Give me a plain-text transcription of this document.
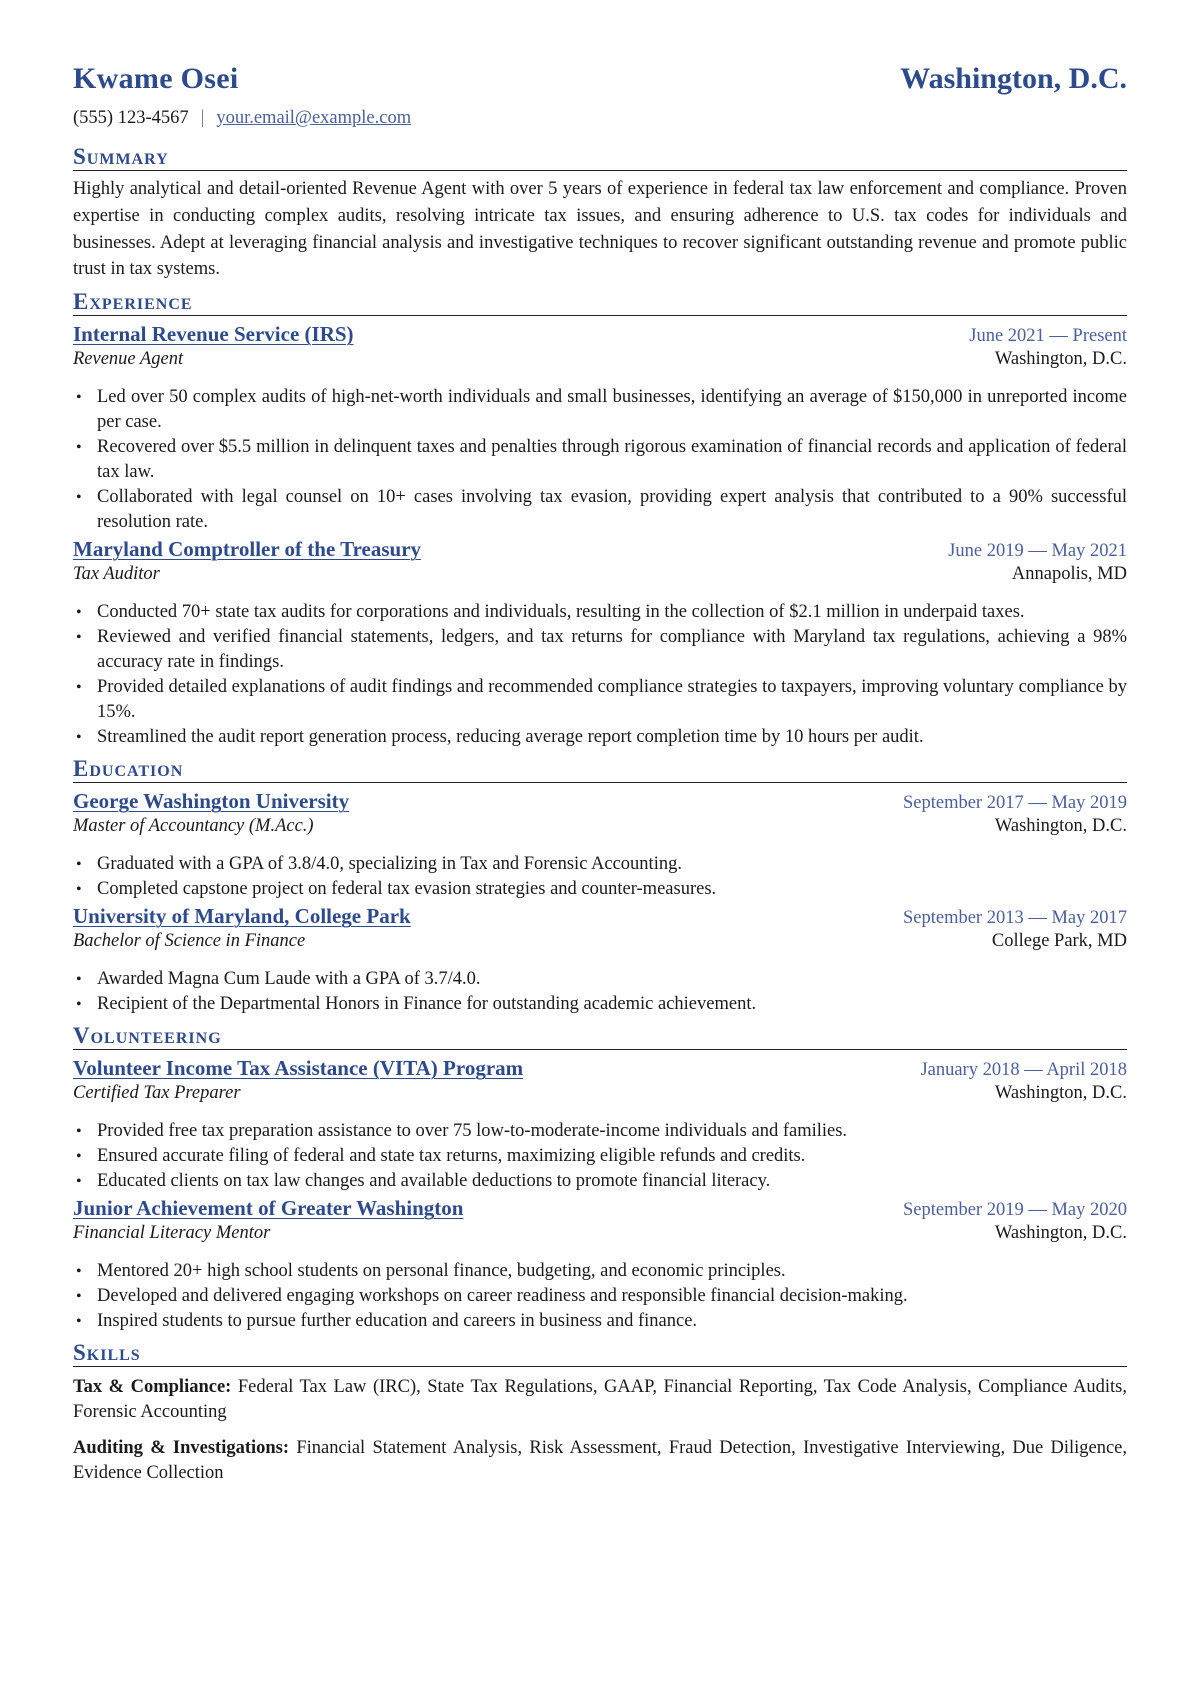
Kwame Osei	Washington, D.C.
(555) 123-4567 | your.email@example.com
Summary
Highly analytical and detail-oriented Revenue Agent with over 5 years of experience in federal tax law enforcement and compliance. Proven expertise in conducting complex audits, resolving intricate tax issues, and ensuring adherence to U.S. tax codes for individuals and businesses. Adept at leveraging financial analysis and investigative techniques to recover significant outstanding revenue and promote public trust in tax systems.
Experience
Internal Revenue Service (IRS)	June 2021 — Present
Revenue Agent	Washington, D.C.
• Led over 50 complex audits of high-net-worth individuals and small businesses, identifying an average of $150,000 in unreported income per case.
• Recovered over $5.5 million in delinquent taxes and penalties through rigorous examination of financial records and application of federal tax law.
• Collaborated with legal counsel on 10+ cases involving tax evasion, providing expert analysis that contributed to a 90% successful resolution rate.
Maryland Comptroller of the Treasury	June 2019 — May 2021
Tax Auditor	Annapolis, MD
• Conducted 70+ state tax audits for corporations and individuals, resulting in the collection of $2.1 million in underpaid taxes.
• Reviewed and verified financial statements, ledgers, and tax returns for compliance with Maryland tax regulations, achieving a 98% accuracy rate in findings.
• Provided detailed explanations of audit findings and recommended compliance strategies to taxpayers, improving voluntary compliance by 15%.
• Streamlined the audit report generation process, reducing average report completion time by 10 hours per audit.
Education
George Washington University	September 2017 — May 2019
Master of Accountancy (M.Acc.)	Washington, D.C.
• Graduated with a GPA of 3.8/4.0, specializing in Tax and Forensic Accounting.
• Completed capstone project on federal tax evasion strategies and counter-measures.
University of Maryland, College Park	September 2013 — May 2017
Bachelor of Science in Finance	College Park, MD
• Awarded Magna Cum Laude with a GPA of 3.7/4.0.
• Recipient of the Departmental Honors in Finance for outstanding academic achievement.
Volunteering
Volunteer Income Tax Assistance (VITA) Program	January 2018 — April 2018
Certified Tax Preparer	Washington, D.C.
• Provided free tax preparation assistance to over 75 low-to-moderate-income individuals and families.
• Ensured accurate filing of federal and state tax returns, maximizing eligible refunds and credits.
• Educated clients on tax law changes and available deductions to promote financial literacy.
Junior Achievement of Greater Washington	September 2019 — May 2020
Financial Literacy Mentor	Washington, D.C.
• Mentored 20+ high school students on personal finance, budgeting, and economic principles.
• Developed and delivered engaging workshops on career readiness and responsible financial decision-making.
• Inspired students to pursue further education and careers in business and finance.
Skills
Tax & Compliance: Federal Tax Law (IRC), State Tax Regulations, GAAP, Financial Reporting, Tax Code Analysis, Compliance Audits, Forensic Accounting
Auditing & Investigations: Financial Statement Analysis, Risk Assessment, Fraud Detection, Investigative Interviewing, Due Diligence, Evidence Collection
